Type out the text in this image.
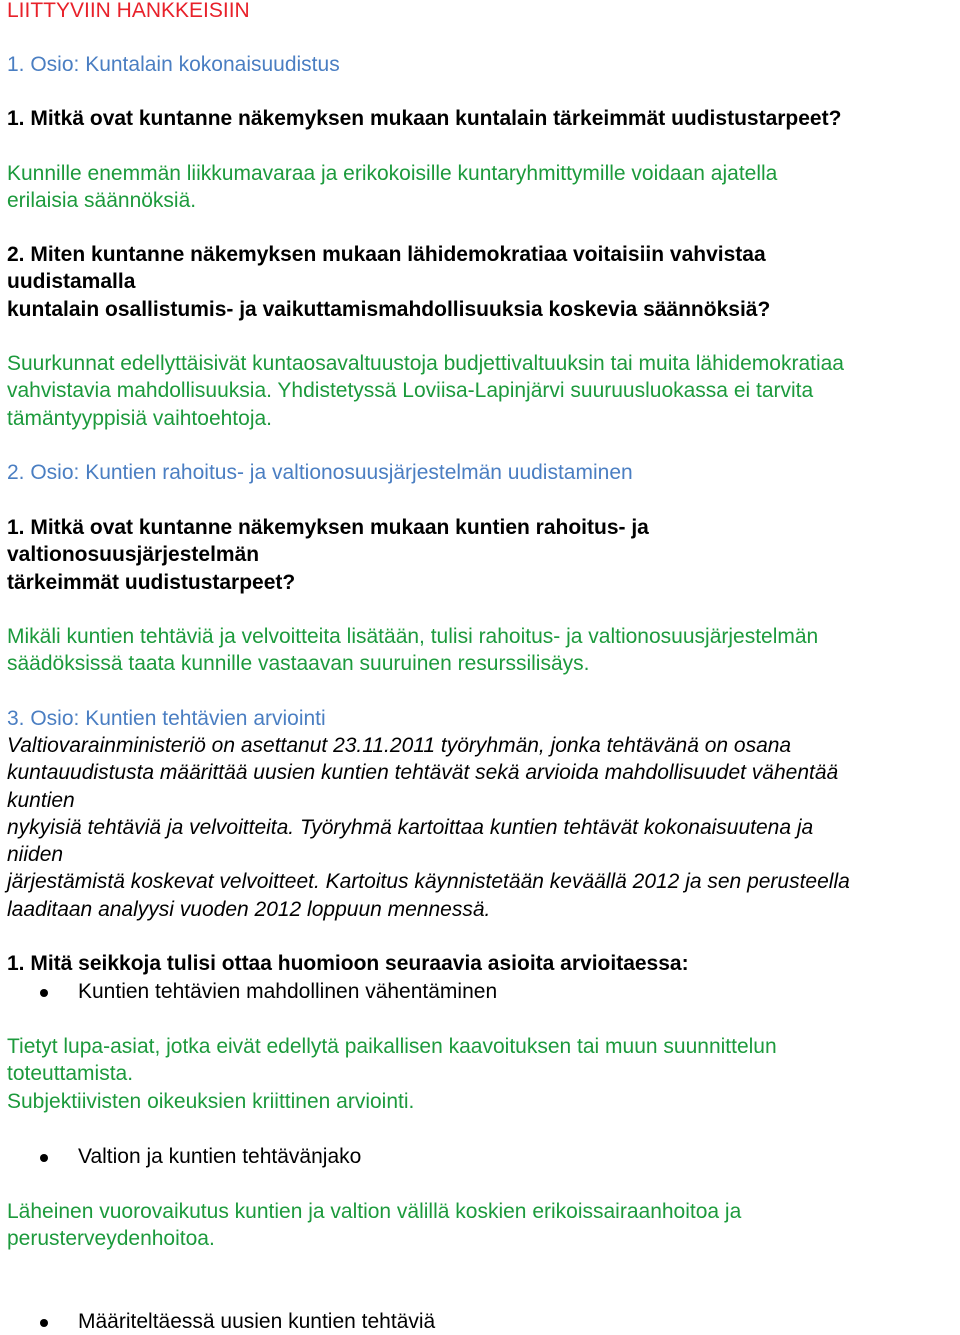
LIITTYVIIN HANKKEISIIN
1. Osio: Kuntalain kokonaisuudistus
1. Mitkä ovat kuntanne näkemyksen mukaan kuntalain tärkeimmät uudistustarpeet?
Kunnille enemmän liikkumavaraa ja erikokoisille kuntaryhmittymille voidaan ajatella
erilaisia säännöksiä.
2. Miten kuntanne näkemyksen mukaan lähidemokratiaa voitaisiin vahvistaa
uudistamalla
kuntalain osallistumis- ja vaikuttamismahdollisuuksia koskevia säännöksiä?
Suurkunnat edellyttäisivät kuntaosavaltuustoja budjettivaltuuksin tai muita lähidemokratiaa
vahvistavia mahdollisuuksia. Yhdistetyssä Loviisa-Lapinjärvi suuruusluokassa ei tarvita
tämäntyyppisiä vaihtoehtoja.
2. Osio: Kuntien rahoitus- ja valtionosuusjärjestelmän uudistaminen
1. Mitkä ovat kuntanne näkemyksen mukaan kuntien rahoitus- ja
valtionosuusjärjestelmän
tärkeimmät uudistustarpeet?
Mikäli kuntien tehtäviä ja velvoitteita lisätään, tulisi rahoitus- ja valtionosuusjärjestelmän
säädöksissä taata kunnille vastaavan suuruinen resurssilisäys.
3. Osio: Kuntien tehtävien arviointi
Valtiovarainministeriö on asettanut 23.11.2011 työryhmän, jonka tehtävänä on osana
kuntauudistusta määrittää uusien kuntien tehtävät sekä arvioida mahdollisuudet vähentää
kuntien
nykyisiä tehtäviä ja velvoitteita. Työryhmä kartoittaa kuntien tehtävät kokonaisuutena ja
niiden
järjestämistä koskevat velvoitteet. Kartoitus käynnistetään keväällä 2012 ja sen perusteella
laaditaan analyysi vuoden 2012 loppuun mennessä.
1. Mitä seikkoja tulisi ottaa huomioon seuraavia asioita arvioitaessa:
Kuntien tehtävien mahdollinen vähentäminen
Tietyt lupa-asiat, jotka eivät edellytä paikallisen kaavoituksen tai muun suunnittelun
toteuttamista.
Subjektiivisten oikeuksien kriittinen arviointi.
Valtion ja kuntien tehtävänjako
Läheinen vuorovaikutus kuntien ja valtion välillä koskien erikoissairaanhoitoa ja
perusterveydenhoitoa.
Määriteltäessä uusien kuntien tehtäviä
